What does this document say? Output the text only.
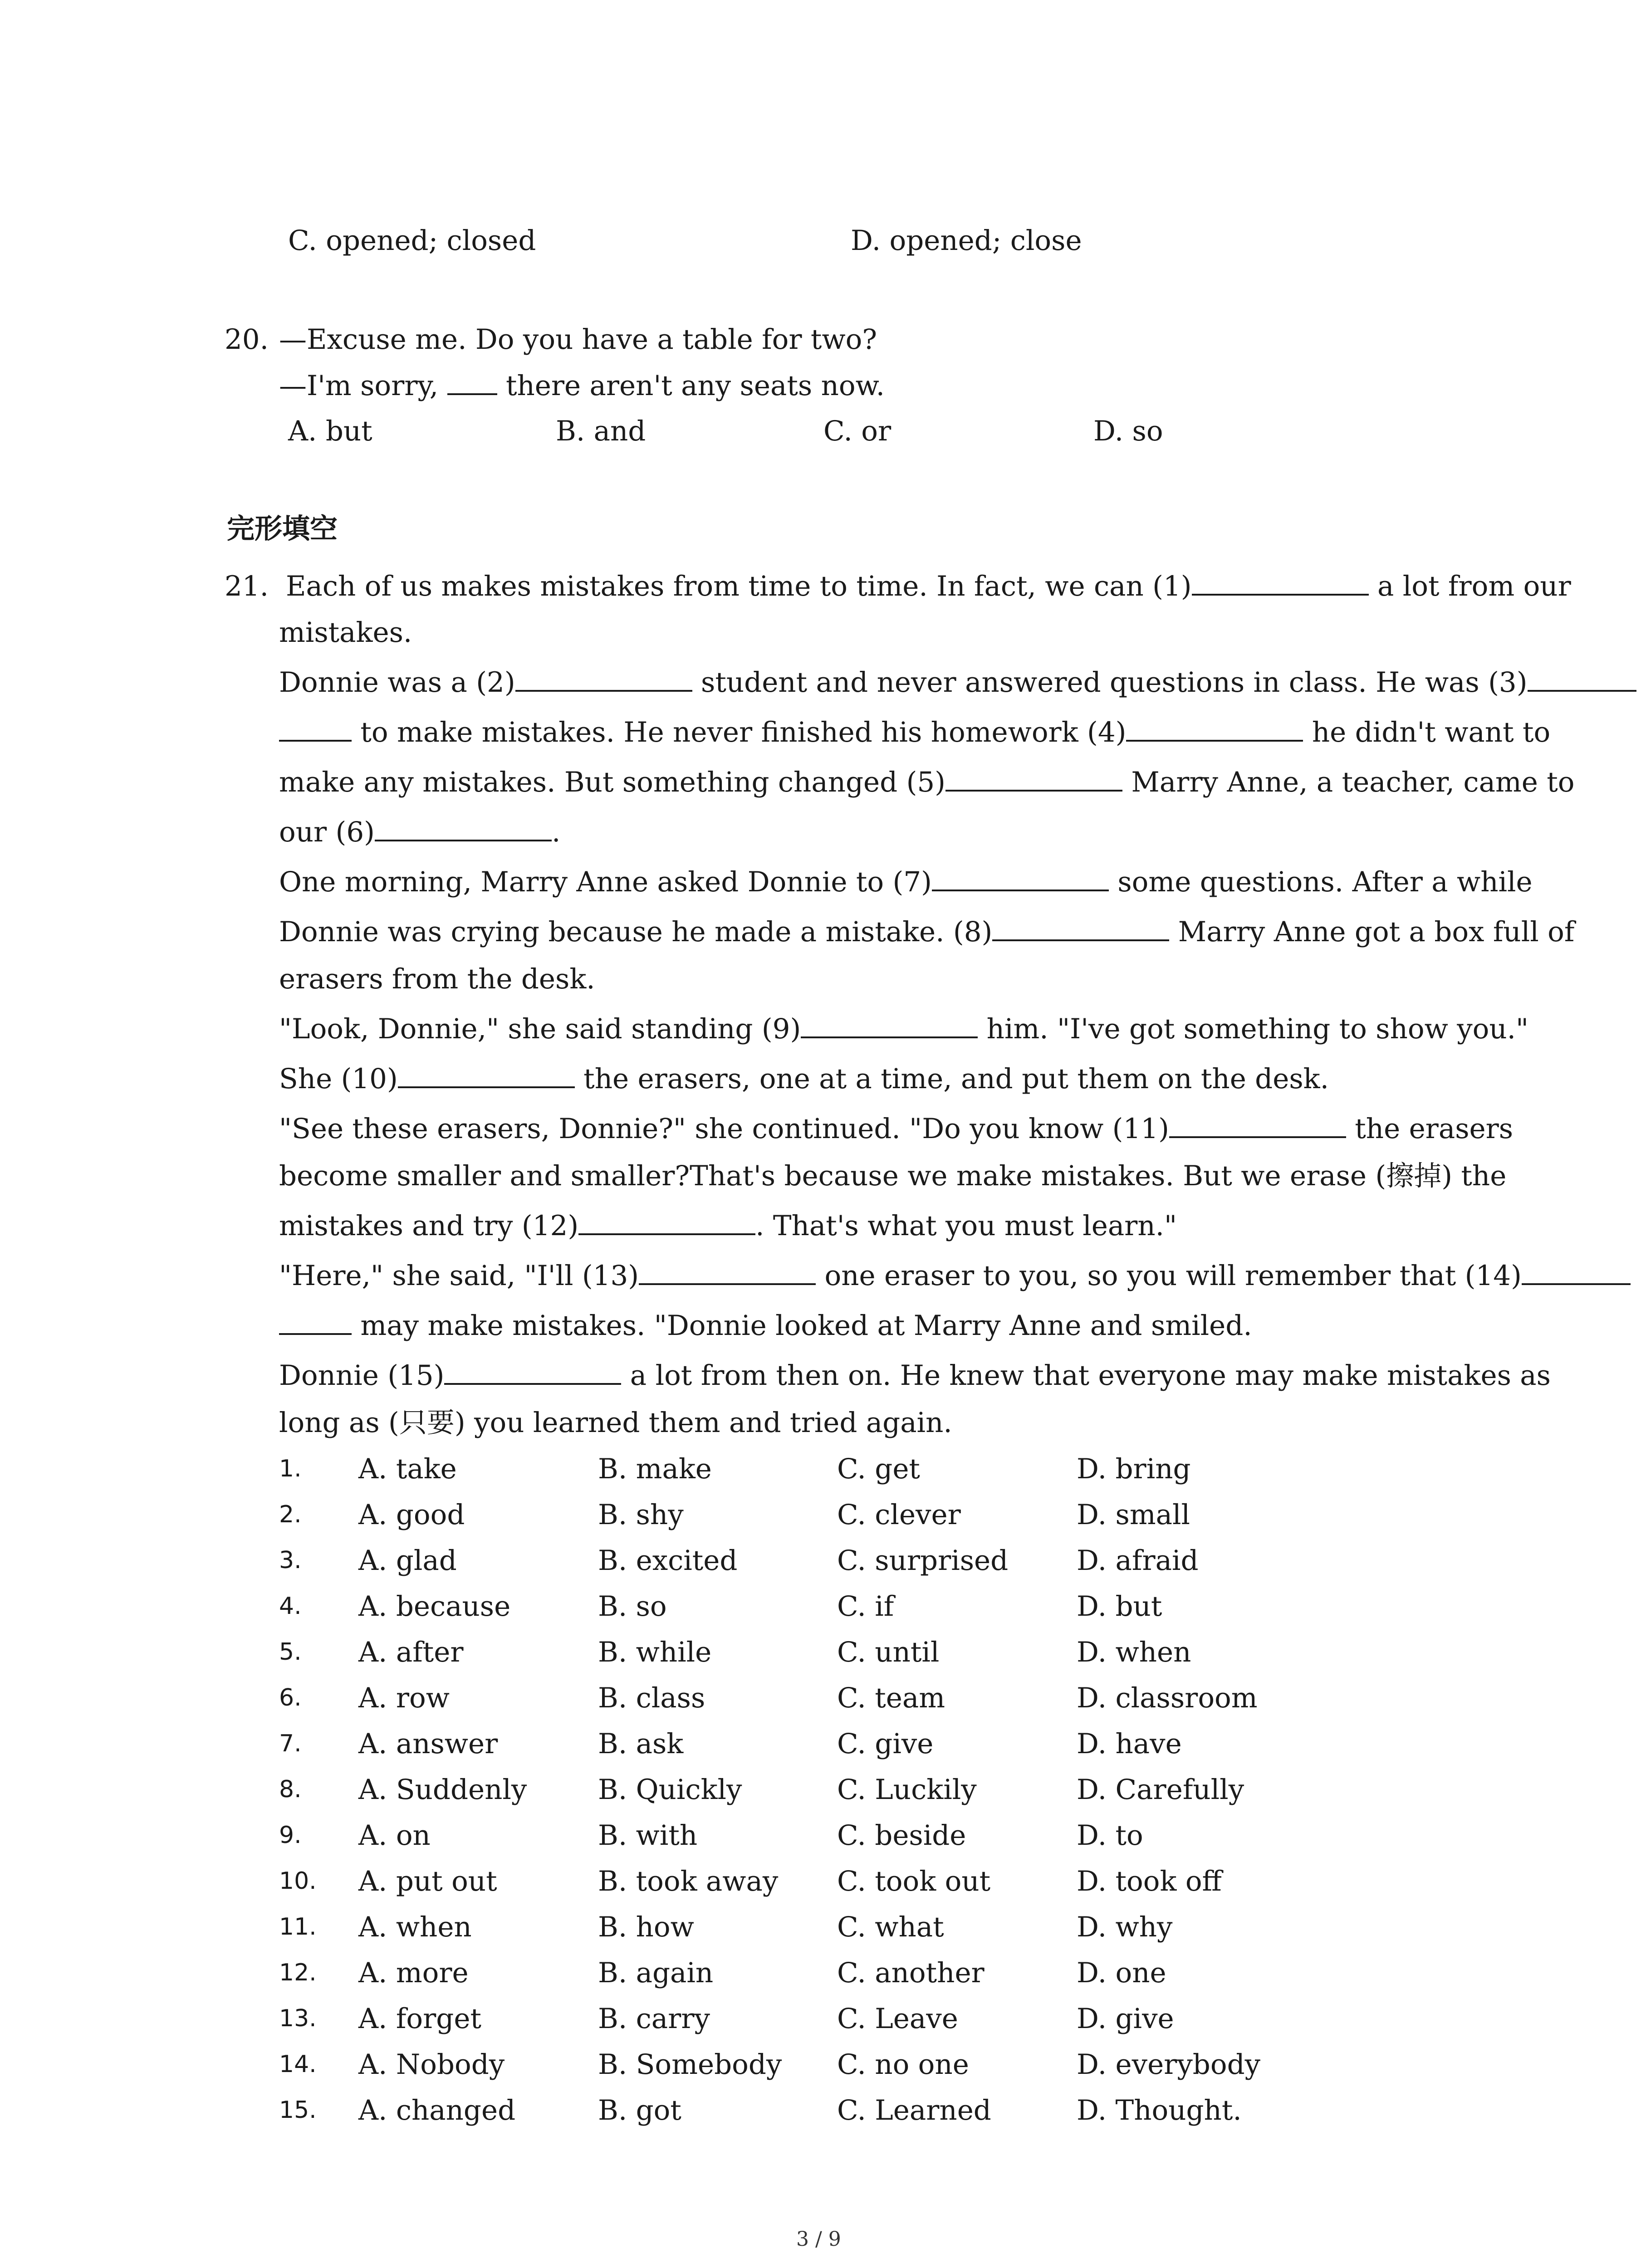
C. opened; closed	D. opened; close
20. —Excuse me. Do you have a table for two?
—I'm sorry,  there aren't any seats now.
A. but	B. and	C. or	D. so
完形填空
21. Each of us makes mistakes from time to time. In fact, we can (1)	a lot from our
mistakes.
Donnie was a (2)	student and never answered questions in class. He was (3)
to make mistakes. He never finished his homework (4)	he didn't want to
make any mistakes. But something changed (5)	Marry Anne, a teacher, came to
our (6)	.
One morning, Marry Anne asked Donnie to (7)	some questions. After a while
Donnie was crying because he made a mistake. (8)	Marry Anne got a box full of
erasers from the desk.
"Look, Donnie," she said standing (9)	him. "I've got something to show you."
She (10)	the erasers, one at a time, and put them on the desk.
"See these erasers, Donnie?" she continued. "Do you know (11)	the erasers
become smaller and smaller?That's because we make mistakes. But we erase (擦掉) the
mistakes and try (12)	. That's what you must learn."
"Here," she said, "I'll (13)	one eraser to you, so you will remember that (14)
may make mistakes. "Donnie looked at Marry Anne and smiled.
Donnie (15)	a lot from then on. He knew that everyone may make mistakes as
long as (只要) you learned them and tried again.
1. A. take	B. make	C. get	D. bring
2. A. good	B. shy	C. clever	D. small
3. A. glad	B. excited	C. surprised D. afraid
4. A. because	B. so	C. if	D. but
5. A. after	B. while	C. until	D. when
6. A. row	B. class	C. team	D. classroom
7. A. answer	B. ask	C. give	D. have
8. A. Suddenly	B. Quickly	C. Luckily	D. Carefully
9. A. on	B. with	C. beside	D. to
10. A. put out	B. took away C. took out	D. took off
11. A. when	B. how	C. what	D. why
12. A. more	B. again	C. another	D. one
13. A. forget	B. carry	C. Leave	D. give
14. A. Nobody	B. Somebody C. no one	D. everybody
15. A. changed	B. got	C. Learned	D. Thought.
3 / 9
